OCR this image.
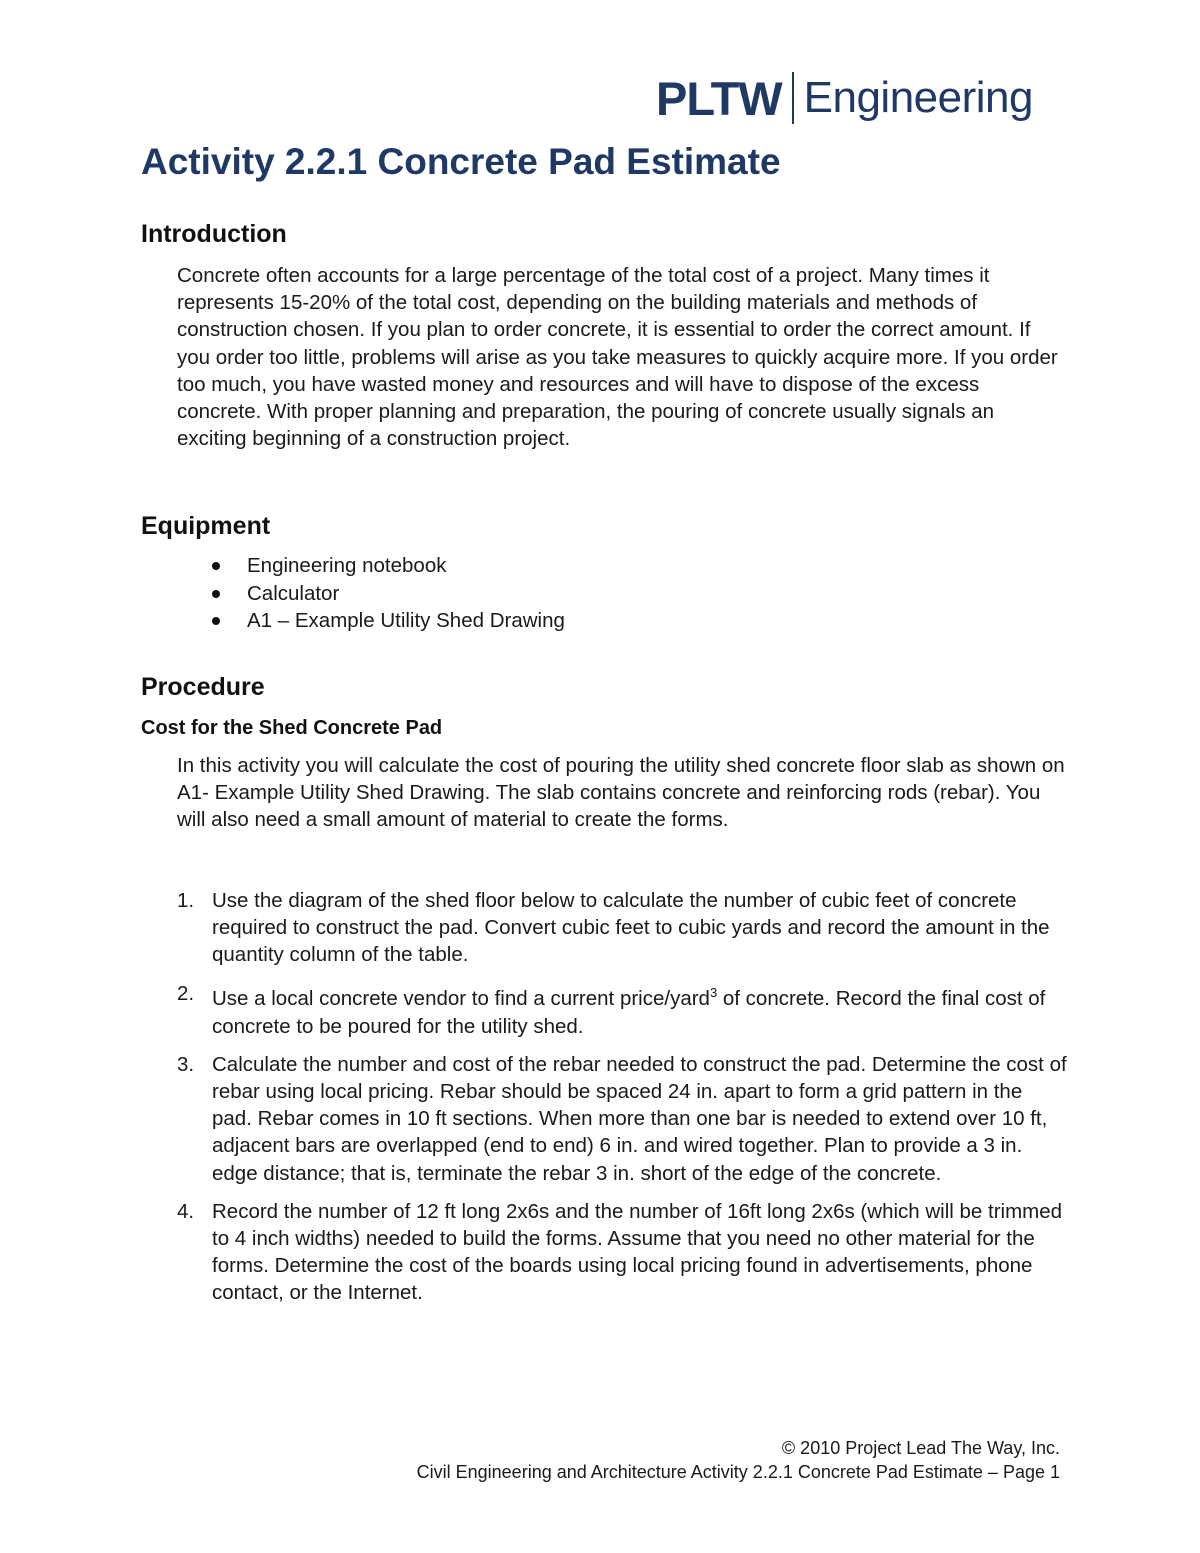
PLTW Engineering
Activity 2.2.1 Concrete Pad Estimate
Introduction

Concrete often accounts for a large percentage of the total cost of a project. Many times it represents 15-20% of the total cost, depending on the building materials and methods of construction chosen. If you plan to order concrete, it is essential to order the correct amount. If you order too little, problems will arise as you take measures to quickly acquire more. If you order too much, you have wasted money and resources and will have to dispose of the excess concrete. With proper planning and preparation, the pouring of concrete usually signals an exciting beginning of a construction project.

Equipment
Engineering notebook
Calculator
A1 – Example Utility Shed Drawing
Procedure
Cost for the Shed Concrete Pad

In this activity you will calculate the cost of pouring the utility shed concrete floor slab as shown on A1- Example Utility Shed Drawing. The slab contains concrete and reinforcing rods (rebar). You will also need a small amount of material to create the forms.

1. Use the diagram of the shed floor below to calculate the number of cubic feet of concrete required to construct the pad. Convert cubic feet to cubic yards and record the amount in the quantity column of the table.
2. Use a local concrete vendor to find a current price/yard$^3$ of concrete. Record the final cost of concrete to be poured for the utility shed.
3. Calculate the number and cost of the rebar needed to construct the pad. Determine the cost of rebar using local pricing. Rebar should be spaced 24 in. apart to form a grid pattern in the pad. Rebar comes in 10 ft sections. When more than one bar is needed to extend over 10 ft, adjacent bars are overlapped (end to end) 6 in. and wired together. Plan to provide a 3 in. edge distance; that is, terminate the rebar 3 in. short of the edge of the concrete.
4. Record the number of 12 ft long 2x6s and the number of 16ft long 2x6s (which will be trimmed to 4 inch widths) needed to build the forms. Assume that you need no other material for the forms. Determine the cost of the boards using local pricing found in advertisements, phone contact, or the Internet.
© 2010 Project Lead The Way, Inc.
Civil Engineering and Architecture Activity 2.2.1 Concrete Pad Estimate – Page 1
